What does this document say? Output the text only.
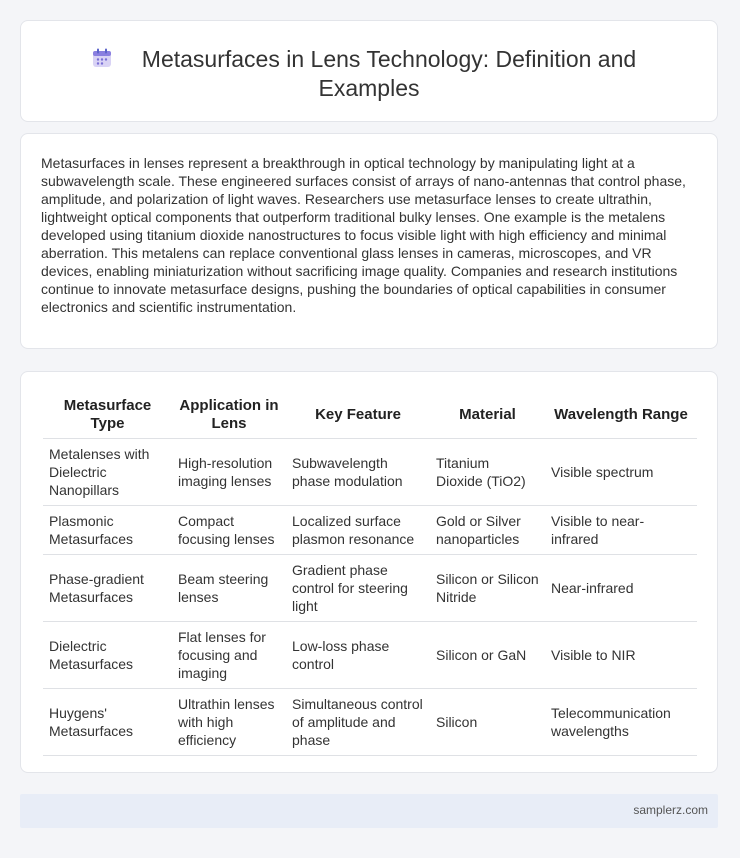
Metasurfaces in Lens Technology: Definition and
Examples
Metasurfaces in lenses represent a breakthrough in optical technology by manipulating light at a subwavelength scale. These engineered surfaces consist of arrays of nano-antennas that control phase, amplitude, and polarization of light waves. Researchers use metasurface lenses to create ultrathin, lightweight optical components that outperform traditional bulky lenses. One example is the metalens developed using titanium dioxide nanostructures to focus visible light with high efficiency and minimal aberration. This metalens can replace conventional glass lenses in cameras, microscopes, and VR devices, enabling miniaturization without sacrificing image quality. Companies and research institutions continue to innovate metasurface designs, pushing the boundaries of optical capabilities in consumer electronics and scientific instrumentation.
Metasurface Type	Application in Lens	Key Feature	Material	Wavelength Range
Metalenses with Dielectric Nanopillars	High-resolution imaging lenses	Subwavelength phase modulation	Titanium Dioxide (TiO2)	Visible spectrum
Plasmonic Metasurfaces	Compact focusing lenses	Localized surface plasmon resonance	Gold or Silver nanoparticles	Visible to near-infrared
Phase-gradient Metasurfaces	Beam steering lenses	Gradient phase control for steering light	Silicon or Silicon Nitride	Near-infrared
Dielectric Metasurfaces	Flat lenses for focusing and imaging	Low-loss phase control	Silicon or GaN	Visible to NIR
Huygens' Metasurfaces	Ultrathin lenses with high efficiency	Simultaneous control of amplitude and phase	Silicon	Telecommunication wavelengths
samplerz.com
